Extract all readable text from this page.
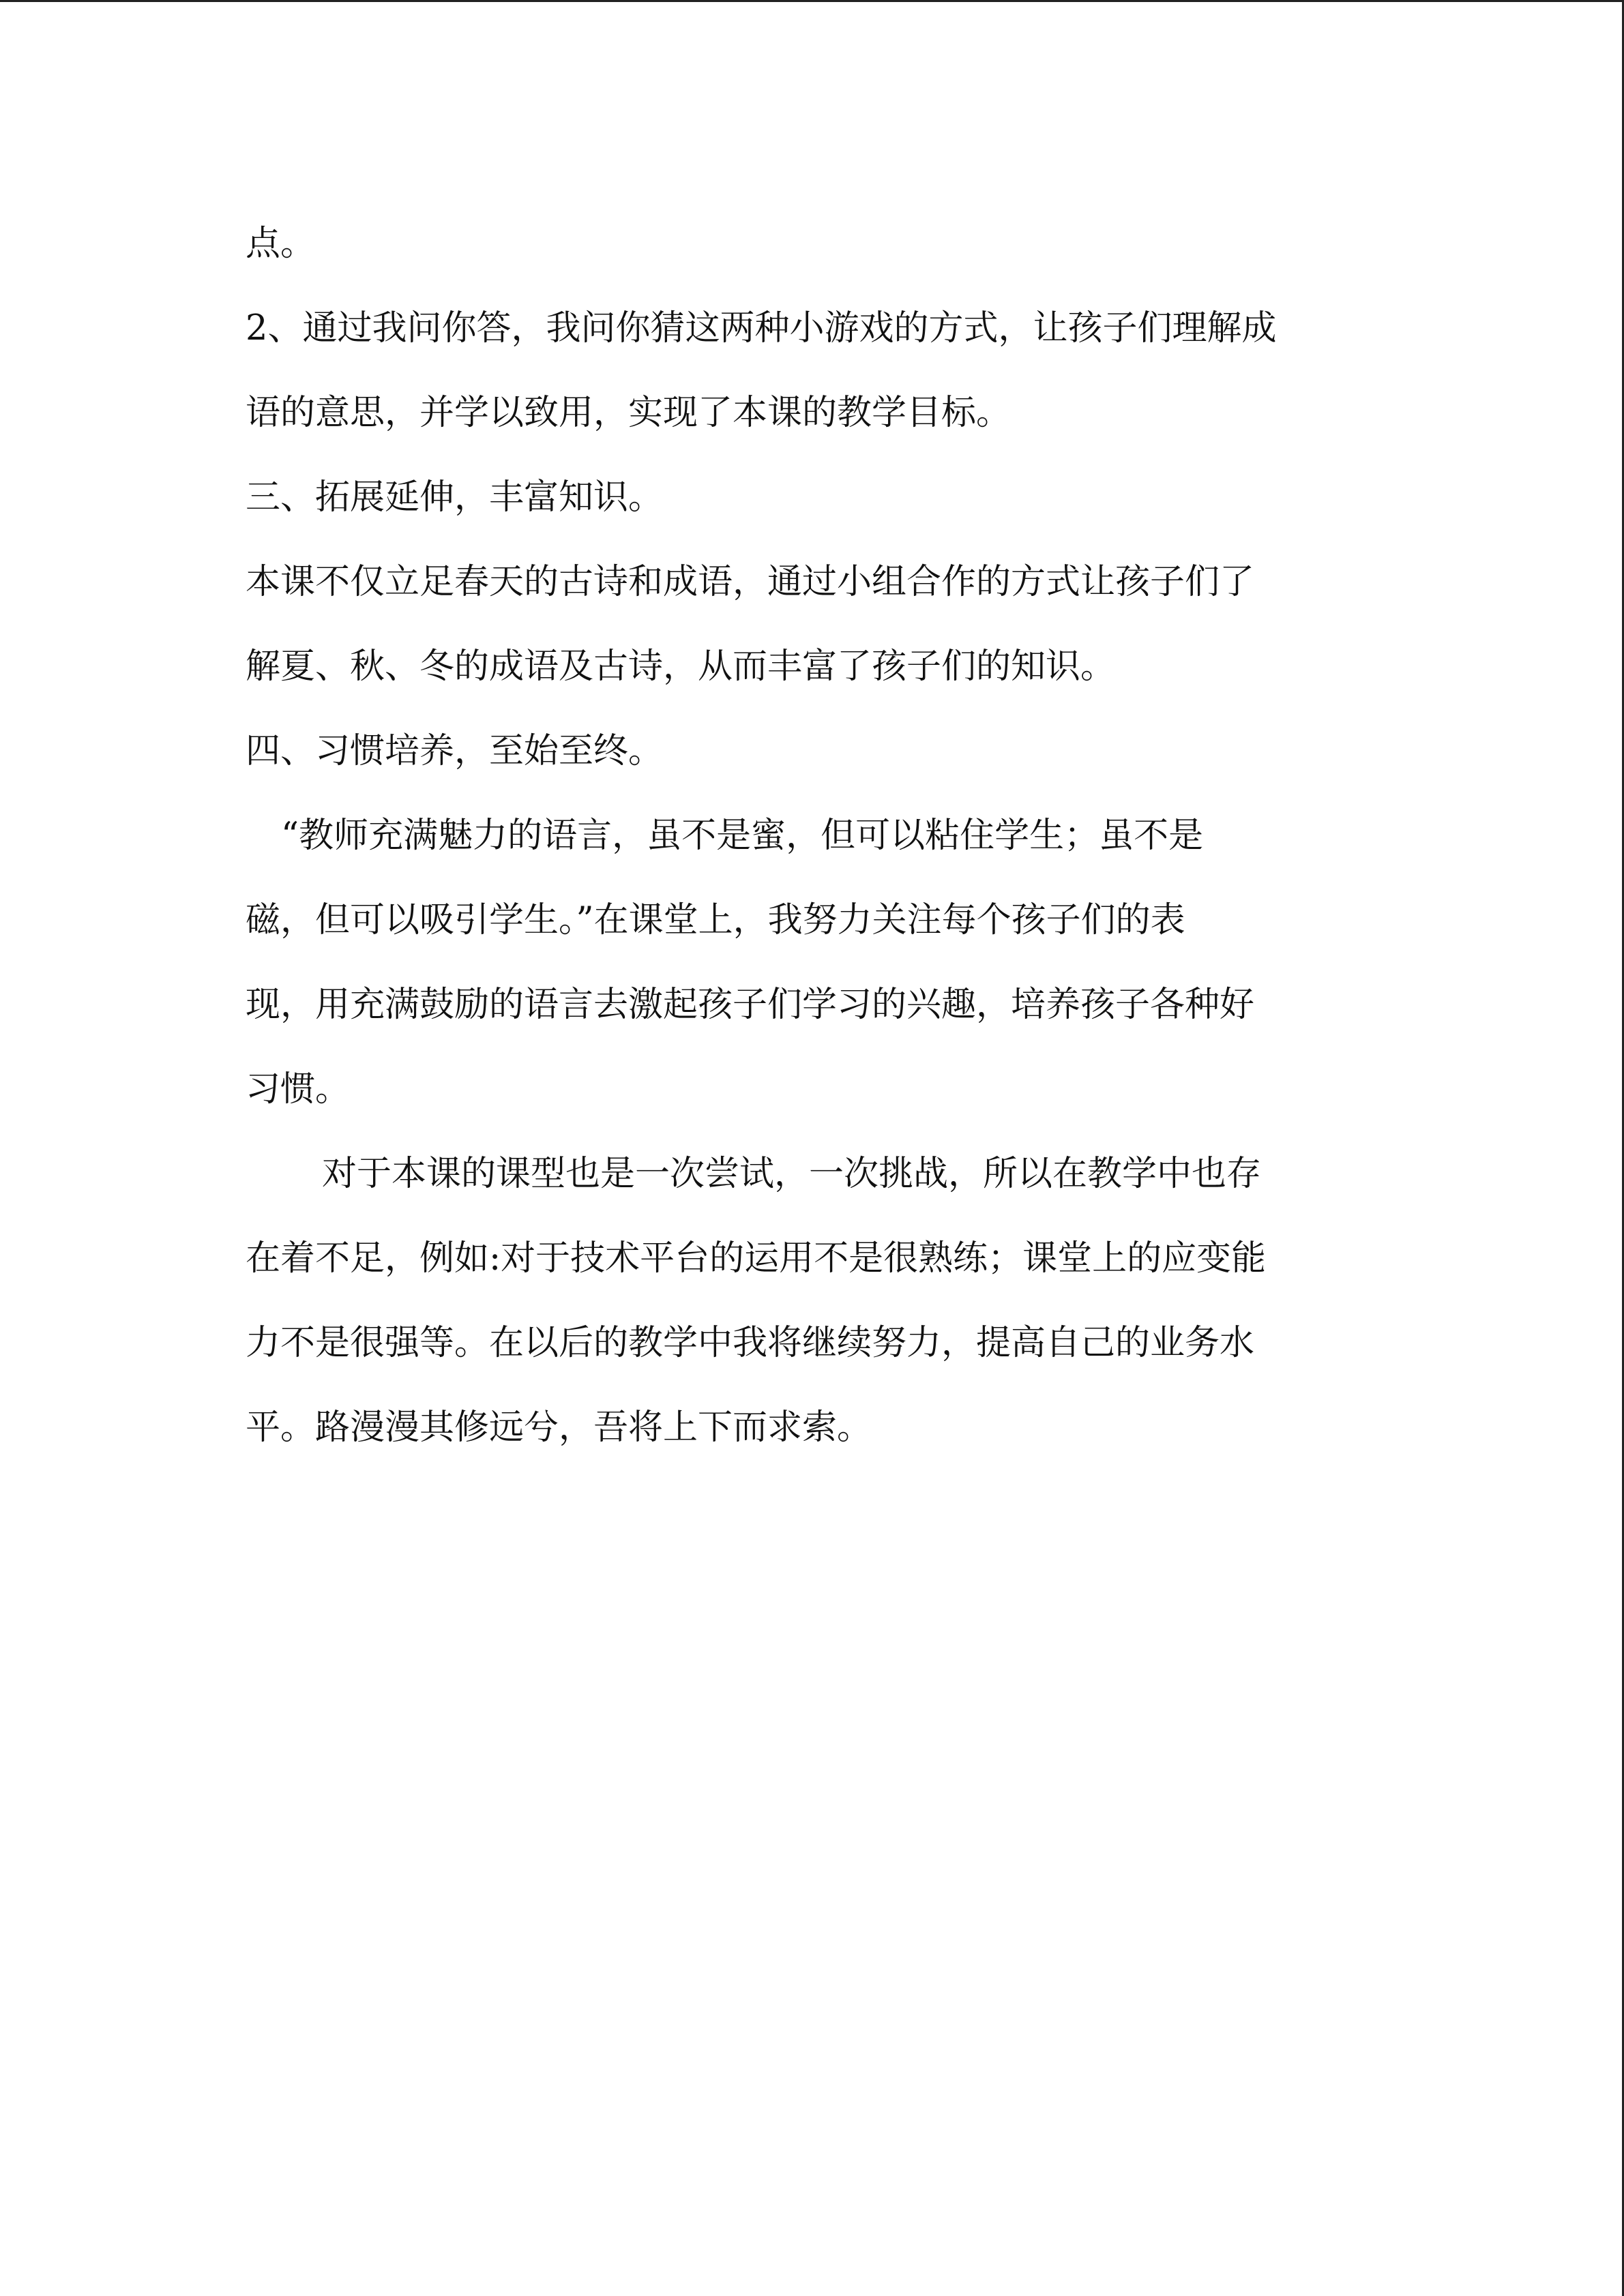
点。
2、通过我问你答，我问你猜这两种小游戏的方式，让孩子们理解成
语的意思，并学以致用，实现了本课的教学目标。
三、拓展延伸，丰富知识。
本课不仅立足春天的古诗和成语，通过小组合作的方式让孩子们了
解夏、秋、冬的成语及古诗，从而丰富了孩子们的知识。
四、习惯培养，至始至终。
“教师充满魅力的语言，虽不是蜜，但可以粘住学生；虽不是
磁，但可以吸引学生。”在课堂上，我努力关注每个孩子们的表
现，用充满鼓励的语言去激起孩子们学习的兴趣，培养孩子各种好
习惯。
对于本课的课型也是一次尝试，一次挑战，所以在教学中也存
在着不足，例如:对于技术平台的运用不是很熟练；课堂上的应变能
力不是很强等。在以后的教学中我将继续努力，提高自己的业务水
平。路漫漫其修远兮，吾将上下而求索。
